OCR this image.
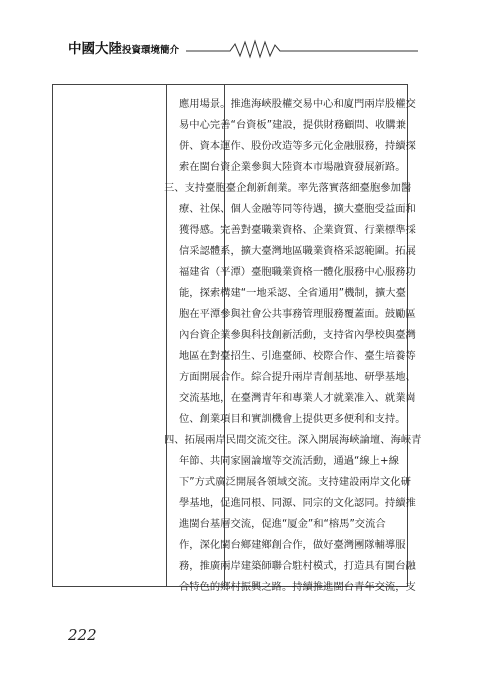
中國大陸投資環境簡介
應用場景。推進海峽股權交易中心和廈門兩岸股權交
易中心完善“台資板”建設，提供財務顧問、收購兼
併、資本運作、股份改造等多元化金融服務，持續探
索在閩台資企業參與大陸資本市場融資發展新路。
三、支持臺胞臺企創新創業。率先落實落細臺胞參加醫
療、社保、個人金融等同等待遇，擴大臺胞受益面和
獲得感。完善對臺職業資格、企業資質、行業標準採
信采認體系，擴大臺灣地區職業資格采認範圍。拓展
福建省（平潭）臺胞職業資格一體化服務中心服務功
能，探索構建“一地采認、全省通用”機制，擴大臺
胞在平潭參與社會公共事務管理服務覆蓋面。鼓勵區
內台資企業參與科技創新活動，支持省內學校與臺灣
地區在對臺招生、引進臺師、校際合作、臺生培養等
方面開展合作。綜合提升兩岸青創基地、研學基地、
交流基地，在臺灣青年和專業人才就業准入、就業崗
位、創業項目和實訓機會上提供更多便利和支持。
四、拓展兩岸民間交流交往。深入開展海峽論壇、海峽青
年節、共同家園論壇等交流活動，通過“線上+線
下”方式廣泛開展各領域交流。支持建設兩岸文化研
學基地，促進同根、同源、同宗的文化認同。持續推
進閩台基層交流，促進“厦金”和“榕馬”交流合
作，深化閩台鄉建鄉創合作，做好臺灣團隊輔導服
務，推廣兩岸建築師聯合駐村模式，打造具有閩台融
合特色的鄉村振興之路。持續推進閩台青年交流，支
222
